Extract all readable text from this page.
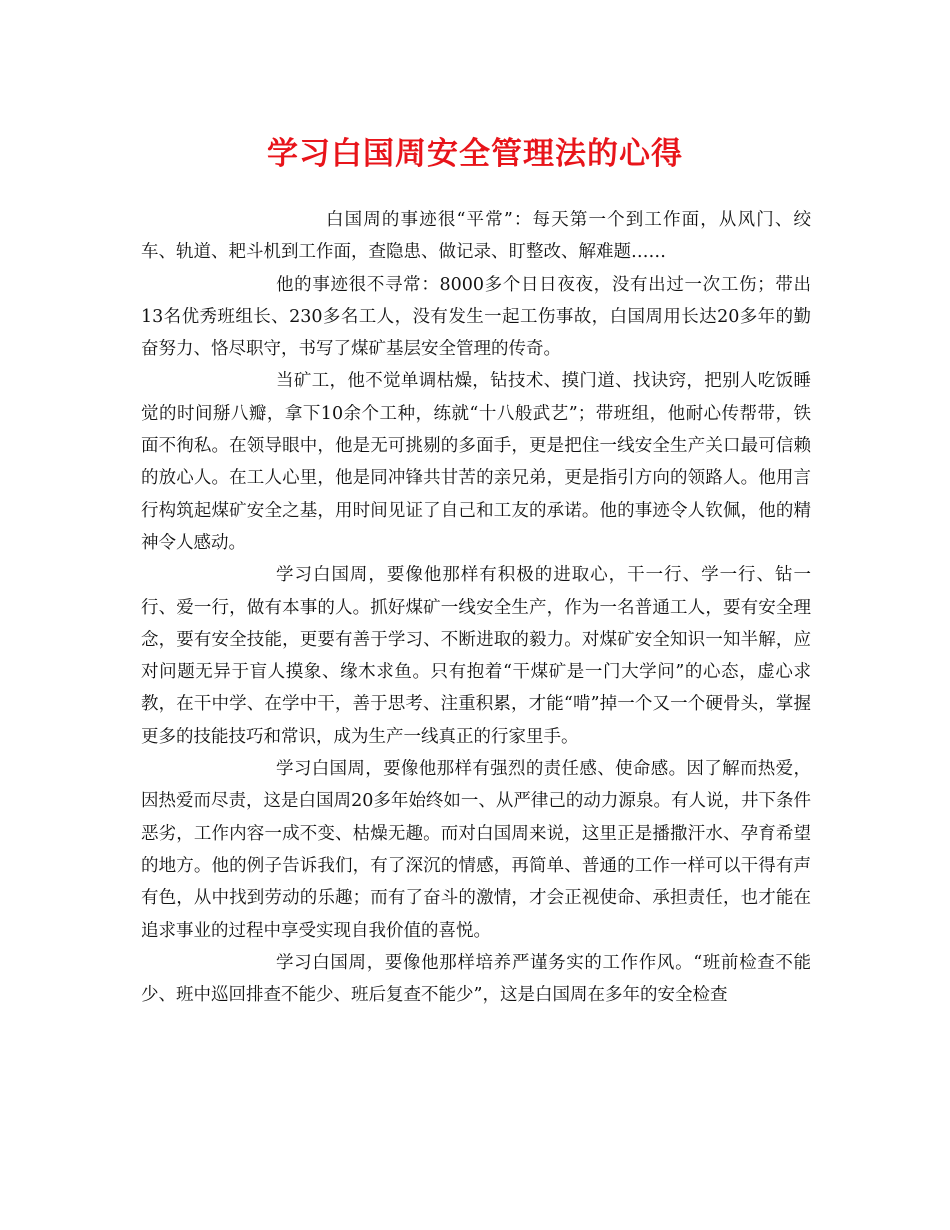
学习白国周安全管理法的心得

白国周的事迹很“平常”：每天第一个到工作面，从风门、绞车、轨道、耙斗机到工作面，查隐患、做记录、盯整改、解难题……

他的事迹很不寻常：8000多个日日夜夜，没有出过一次工伤；带出13名优秀班组长、230多名工人，没有发生一起工伤事故，白国周用长达20多年的勤奋努力、恪尽职守，书写了煤矿基层安全管理的传奇。

当矿工，他不觉单调枯燥，钻技术、摸门道、找诀窍，把别人吃饭睡觉的时间掰八瓣，拿下10余个工种，练就“十八般武艺”；带班组，他耐心传帮带，铁面不徇私。在领导眼中，他是无可挑剔的多面手，更是把住一线安全生产关口最可信赖的放心人。在工人心里，他是同冲锋共甘苦的亲兄弟，更是指引方向的领路人。他用言行构筑起煤矿安全之基，用时间见证了自己和工友的承诺。他的事迹令人钦佩，他的精神令人感动。

学习白国周，要像他那样有积极的进取心，干一行、学一行、钻一行、爱一行，做有本事的人。抓好煤矿一线安全生产，作为一名普通工人，要有安全理念，要有安全技能，更要有善于学习、不断进取的毅力。对煤矿安全知识一知半解，应对问题无异于盲人摸象、缘木求鱼。只有抱着“干煤矿是一门大学问”的心态，虚心求教，在干中学、在学中干，善于思考、注重积累，才能“啃”掉一个又一个硬骨头，掌握更多的技能技巧和常识，成为生产一线真正的行家里手。

学习白国周，要像他那样有强烈的责任感、使命感。因了解而热爱，因热爱而尽责，这是白国周20多年始终如一、从严律己的动力源泉。有人说，井下条件恶劣，工作内容一成不变、枯燥无趣。而对白国周来说，这里正是播撒汗水、孕育希望的地方。他的例子告诉我们，有了深沉的情感，再简单、普通的工作一样可以干得有声有色，从中找到劳动的乐趣；而有了奋斗的激情，才会正视使命、承担责任，也才能在追求事业的过程中享受实现自我价值的喜悦。

学习白国周，要像他那样培养严谨务实的工作作风。“班前检查不能少、班中巡回排查不能少、班后复查不能少”，这是白国周在多年的安全检查
